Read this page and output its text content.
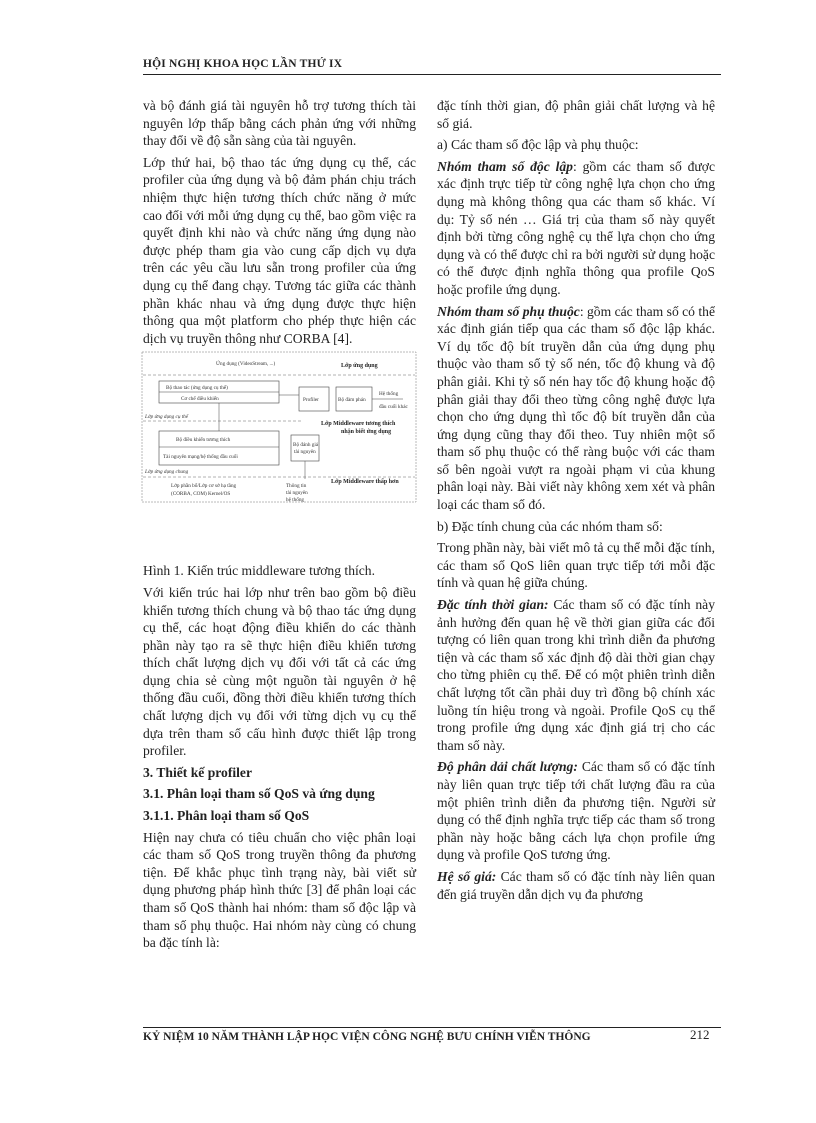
HỘI NGHỊ KHOA HỌC LẦN THỨ IX

và bộ đánh giá tài nguyên hỗ trợ tương thích tài nguyên lớp thấp bằng cách phản ứng với những thay đổi về độ sẵn sàng của tài nguyên.

Lớp thứ hai, bộ thao tác ứng dụng cụ thể, các profiler của ứng dụng và bộ đảm phán chịu trách nhiệm thực hiện tương thích chức năng ở mức cao đối với mỗi ứng dụng cụ thể, bao gồm việc ra quyết định khi nào và chức năng ứng dụng nào được phép tham gia vào cung cấp dịch vụ dựa trên các yêu cầu lưu sẵn trong profiler của ứng dụng cụ thể đang chạy. Tương tác giữa các thành phần khác nhau và ứng dụng được thực hiện thông qua một platform cho phép thực hiện các dịch vụ truyền thông như CORBA [4].

Ứng dụng (VideoStream, ...)	Lớp ứng dụng
Bộ thao tác (ứng dụng cụ thể)
Cơ chế điều khiển	Profiler	Bộ đàm phán
Hệ thống
đầu cuối khác
Lớp Middleware tương thích
nhận biết ứng dụng
Lớp ứng dụng cụ thể
Bộ điều khiển tương thích
Tài nguyên mạng/hệ thống đầu cuối
Bộ đánh giá
tài nguyên
Lớp ứng dụng chung
Lớp phần bổ/Lớp cơ sở hạ tầng
(CORBA, COM) Kernel/OS
Thông tin
tài nguyên
hệ thống
Lớp Middleware thấp hơn

Hình 1. Kiến trúc middleware tương thích.

Với kiến trúc hai lớp như trên bao gồm bộ điều khiển tương thích chung và bộ thao tác ứng dụng cụ thể, các hoạt động điều khiển do các thành phần này tạo ra sẽ thực hiện điều khiển tương thích chất lượng dịch vụ đối với tất cả các ứng dụng chia sẻ cùng một nguồn tài nguyên ở hệ thống đầu cuối, đồng thời điều khiển tương thích chất lượng dịch vụ đối với từng dịch vụ cụ thể dựa trên tham số cấu hình được thiết lập trong profiler.

3. Thiết kế profiler

3.1. Phân loại tham số QoS và ứng dụng

3.1.1. Phân loại tham số QoS

Hiện nay chưa có tiêu chuẩn cho việc phân loại các tham số QoS trong truyền thông đa phương tiện. Để khắc phục tình trạng này, bài viết sử dụng phương pháp hình thức [3] để phân loại các tham số QoS thành hai nhóm: tham số độc lập và tham số phụ thuộc. Hai nhóm này cùng có chung ba đặc tính là:

đặc tính thời gian, độ phân giải chất lượng và hệ số giá.

a) Các tham số độc lập và phụ thuộc:

Nhóm tham số độc lập: gồm các tham số được xác định trực tiếp từ công nghệ lựa chọn cho ứng dụng mà không thông qua các tham số khác. Ví dụ: Tỷ số nén … Giá trị của tham số này quyết định bởi từng công nghệ cụ thể lựa chọn cho ứng dụng và có thể được chỉ ra bởi người sử dụng hoặc có thể được định nghĩa thông qua profile QoS hoặc profile ứng dụng.

Nhóm tham số phụ thuộc: gồm các tham số có thể xác định gián tiếp qua các tham số độc lập khác. Ví dụ tốc độ bít truyền dẫn của ứng dụng phụ thuộc vào tham số tỷ số nén, tốc độ khung và độ phân giải. Khi tỷ số nén hay tốc độ khung hoặc độ phân giải thay đổi theo từng công nghệ được lựa chọn cho ứng dụng thì tốc độ bít truyền dẫn của ứng dụng cũng thay đổi theo. Tuy nhiên một số tham số phụ thuộc có thể ràng buộc với các tham số bên ngoài vượt ra ngoài phạm vi của khung phân loại này. Bài viết này không xem xét và phân loại các tham số đó.

b) Đặc tính chung của các nhóm tham số:

Trong phần này, bài viết mô tả cụ thể mỗi đặc tính, các tham số QoS liên quan trực tiếp tới mỗi đặc tính và quan hệ giữa chúng.

Đặc tính thời gian: Các tham số có đặc tính này ảnh hưởng đến quan hệ về thời gian giữa các đối tượng có liên quan trong khi trình diễn đa phương tiện và các tham số xác định độ dài thời gian chạy cho từng phiên cụ thể. Để có một phiên trình diễn chất lượng tốt cần phải duy trì đồng bộ chính xác luồng tín hiệu trong và ngoài. Profile QoS cụ thể trong profile ứng dụng xác định giá trị cho các tham số này.

Độ phân dải chất lượng: Các tham số có đặc tính này liên quan trực tiếp tới chất lượng đầu ra của một phiên trình diễn đa phương tiện. Người sử dụng có thể định nghĩa trực tiếp các tham số trong phần này hoặc bằng cách lựa chọn profile ứng dụng và profile QoS tương ứng.

Hệ số giá: Các tham số có đặc tính này liên quan đến giá truyền dẫn dịch vụ đa phương

KỶ NIỆM 10 NĂM THÀNH LẬP HỌC VIỆN CÔNG NGHỆ BƯU CHÍNH VIỄN THÔNG	212
